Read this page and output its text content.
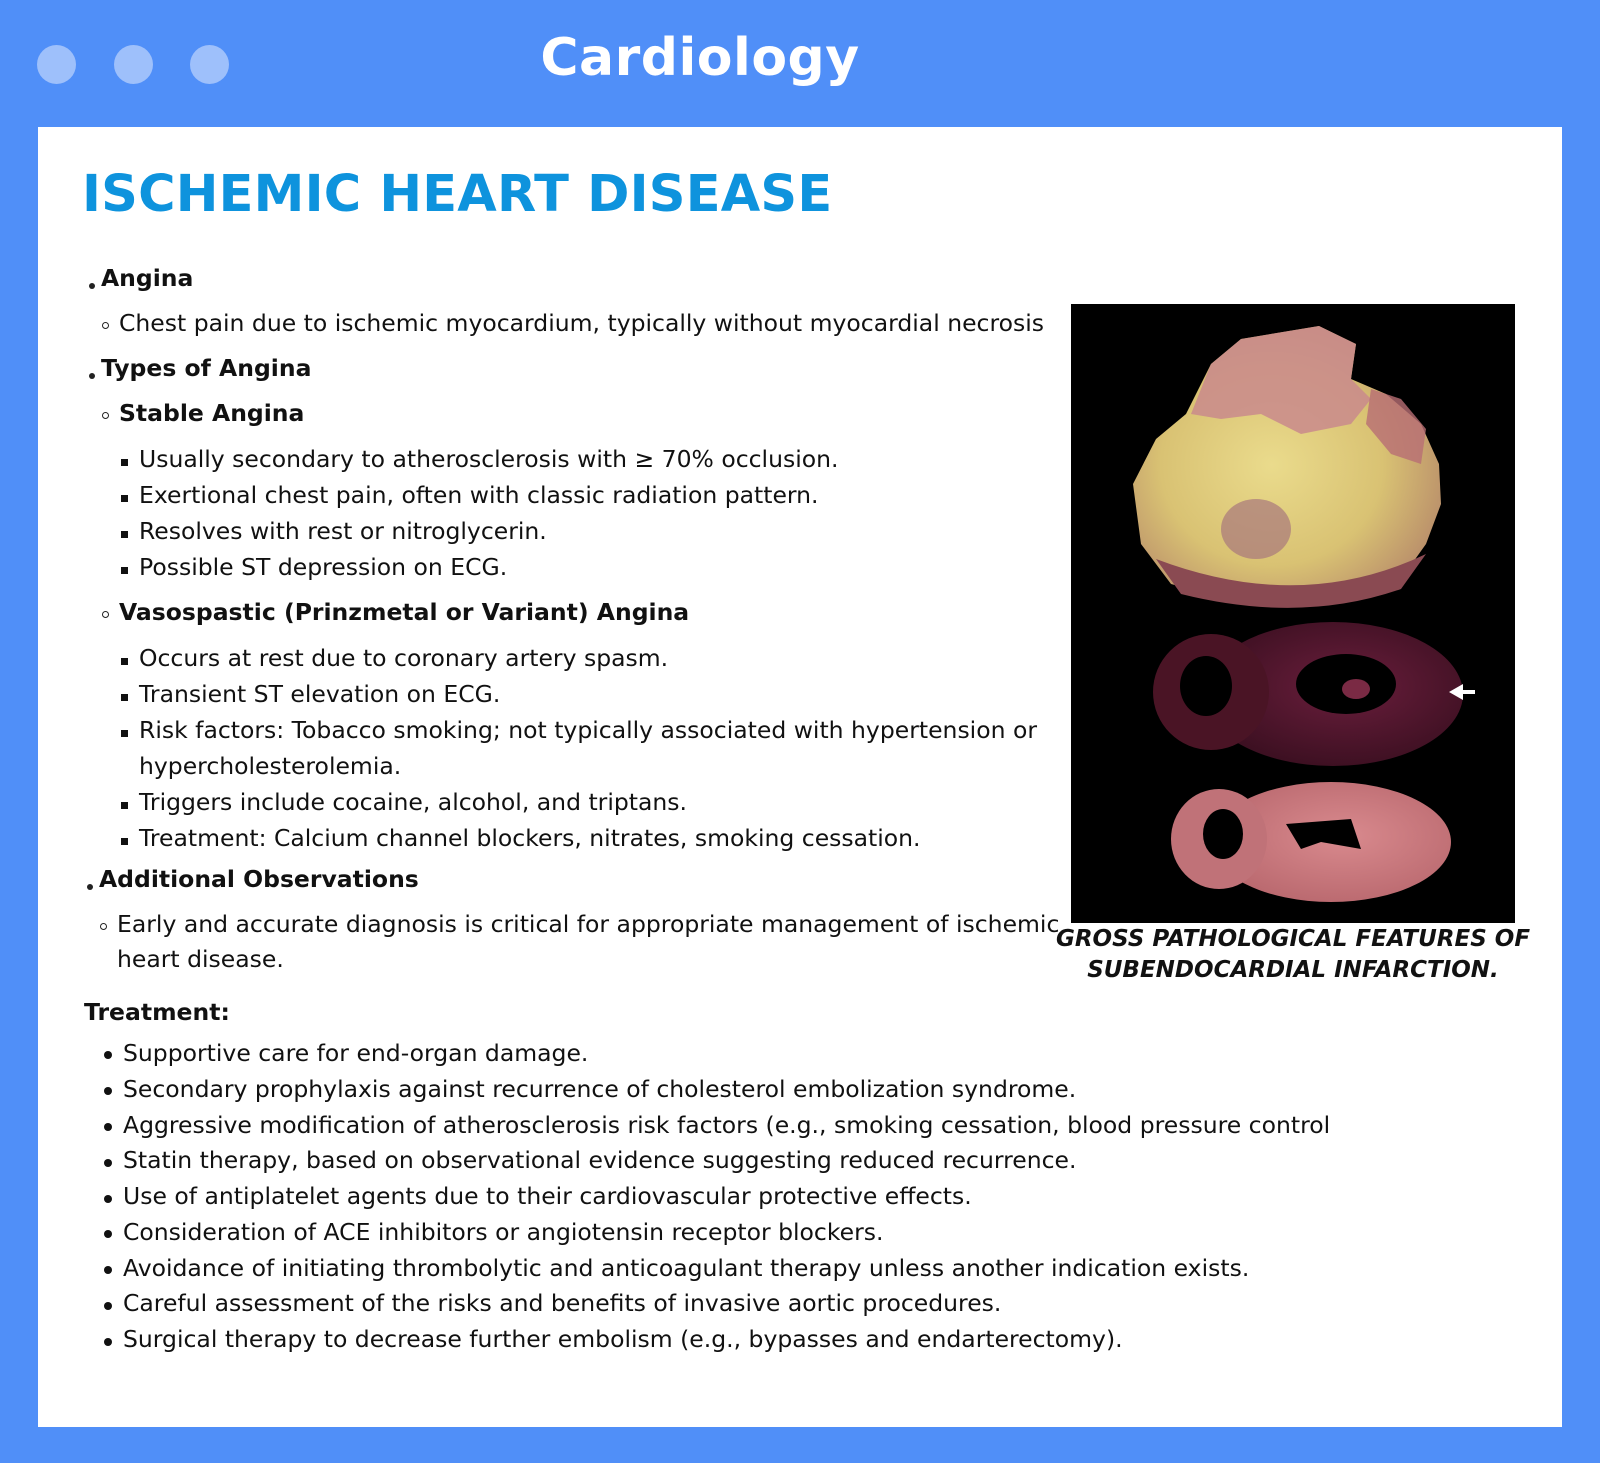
Cardiology
ISCHEMIC HEART DISEASE
Angina
Chest pain due to ischemic myocardium, typically without myocardial necrosis
Types of Angina
Stable Angina
Usually secondary to atherosclerosis with ≥ 70% occlusion.
Exertional chest pain, often with classic radiation pattern.
Resolves with rest or nitroglycerin.
Possible ST depression on ECG.
Vasospastic (Prinzmetal or Variant) Angina
Occurs at rest due to coronary artery spasm.
Transient ST elevation on ECG.
Risk factors: Tobacco smoking; not typically associated with hypertension or
hypercholesterolemia.
Triggers include cocaine, alcohol, and triptans.
Treatment: Calcium channel blockers, nitrates, smoking cessation.
Additional Observations
Early and accurate diagnosis is critical for appropriate management of ischemic
heart disease.
Treatment:
Supportive care for end-organ damage.
Secondary prophylaxis against recurrence of cholesterol embolization syndrome.
Aggressive modification of atherosclerosis risk factors (e.g., smoking cessation, blood pressure control
Statin therapy, based on observational evidence suggesting reduced recurrence.
Use of antiplatelet agents due to their cardiovascular protective effects.
Consideration of ACE inhibitors or angiotensin receptor blockers.
Avoidance of initiating thrombolytic and anticoagulant therapy unless another indication exists.
Careful assessment of the risks and benefits of invasive aortic procedures.
Surgical therapy to decrease further embolism (e.g., bypasses and endarterectomy).
GROSS PATHOLOGICAL FEATURES OF
SUBENDOCARDIAL INFARCTION.
